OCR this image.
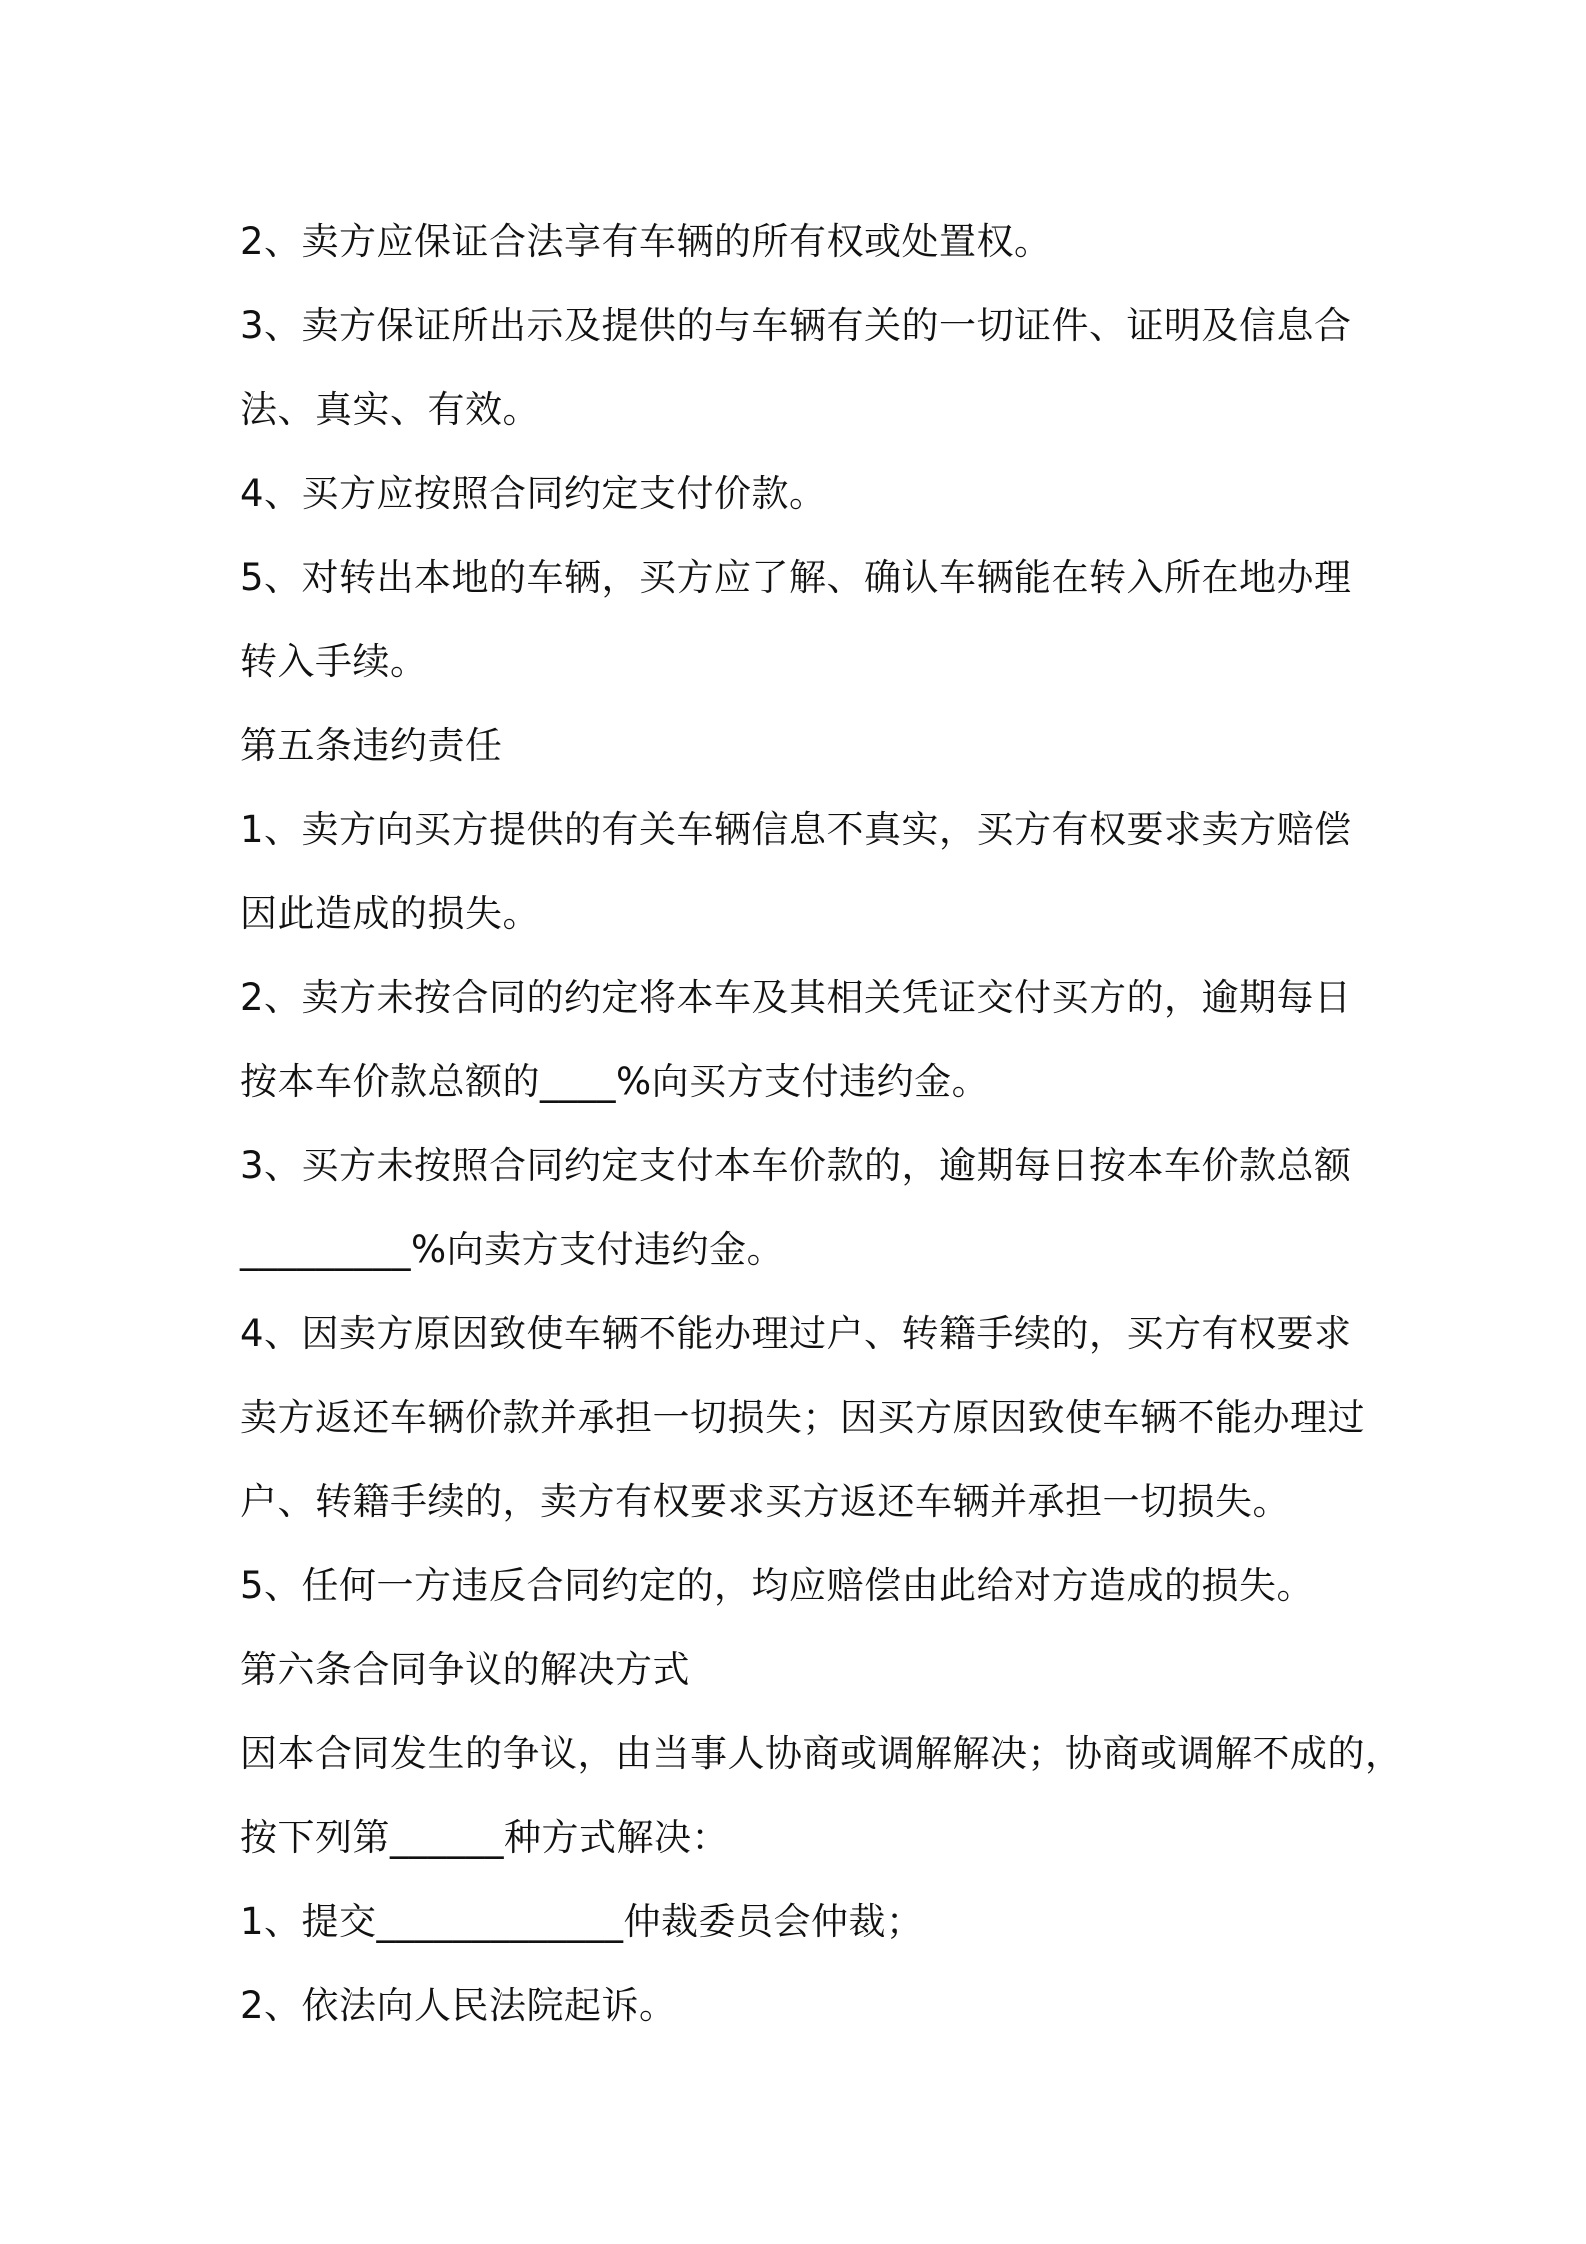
2、卖方应保证合法享有车辆的所有权或处置权。
3、卖方保证所出示及提供的与车辆有关的一切证件、证明及信息合
法、真实、有效。
4、买方应按照合同约定支付价款。
5、对转出本地的车辆，买方应了解、确认车辆能在转入所在地办理
转入手续。
第五条违约责任
1、卖方向买方提供的有关车辆信息不真实，买方有权要求卖方赔偿
因此造成的损失。
2、卖方未按合同的约定将本车及其相关凭证交付买方的，逾期每日
按本车价款总额的____%向买方支付违约金。
3、买方未按照合同约定支付本车价款的，逾期每日按本车价款总额
_________%向卖方支付违约金。
4、因卖方原因致使车辆不能办理过户、转籍手续的，买方有权要求
卖方返还车辆价款并承担一切损失；因买方原因致使车辆不能办理过
户、转籍手续的，卖方有权要求买方返还车辆并承担一切损失。
5、任何一方违反合同约定的，均应赔偿由此给对方造成的损失。
第六条合同争议的解决方式
因本合同发生的争议，由当事人协商或调解解决；协商或调解不成的，
按下列第______种方式解决：
1、提交_____________仲裁委员会仲裁；
2、依法向人民法院起诉。
